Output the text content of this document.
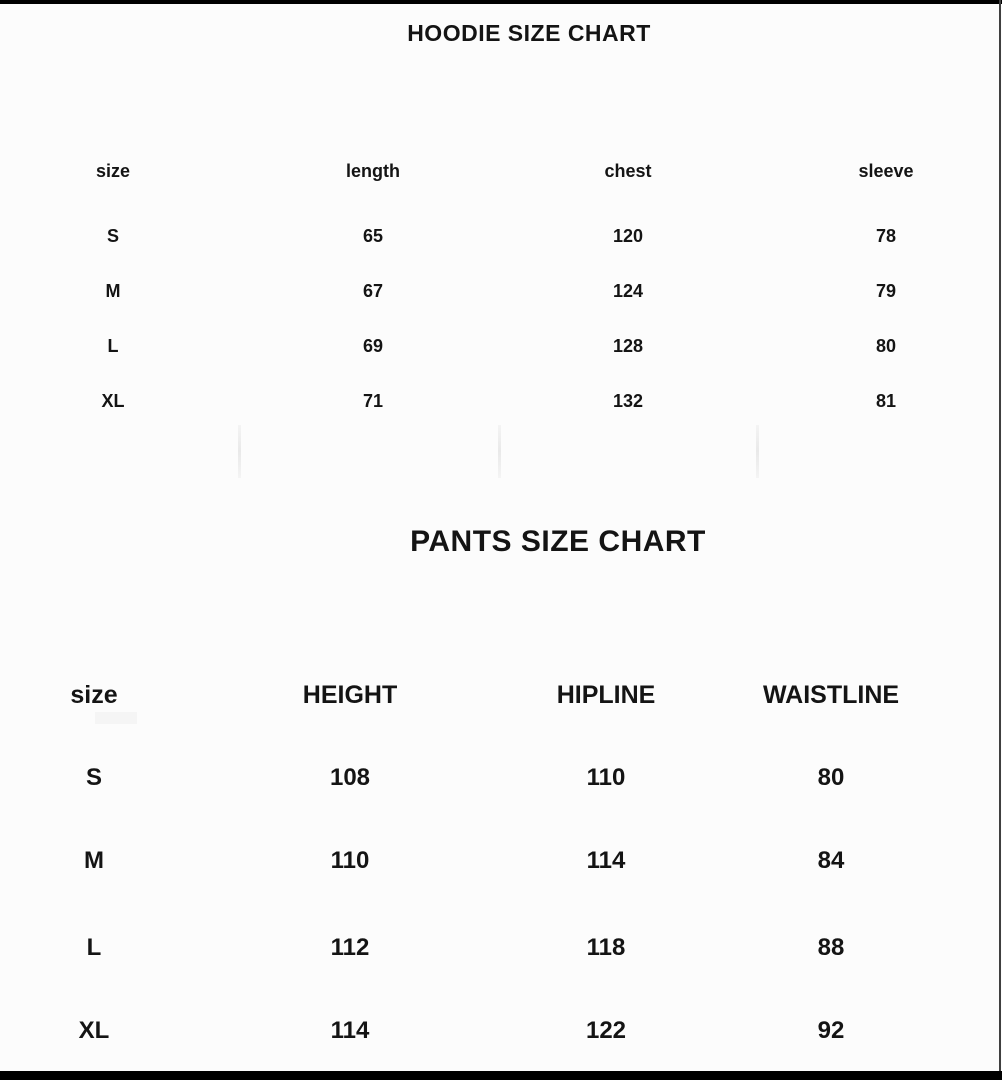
HOODIE SIZE CHART
size	length	chest	sleeve
S	65	120	78
M	67	124	79
L	69	128	80
XL	71	132	81
PANTS SIZE CHART
size	HEIGHT	HIPLINE	WAISTLINE
S	108	110	80
M	110	114	84
L	112	118	88
XL	114	122	92
